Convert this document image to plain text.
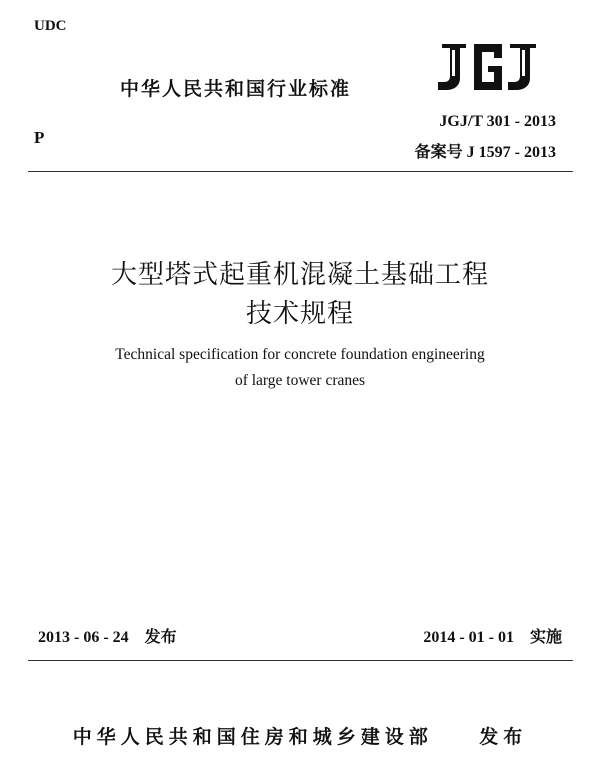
UDC
中华人民共和国行业标准
P
JGJ/T 301 - 2013
备案号 J 1597 - 2013
大型塔式起重机混凝土基础工程
技术规程
Technical specification for concrete foundation engineering
of large tower cranes
2013 - 06 - 24 发布	2014 - 01 - 01 实施
中华人民共和国住房和城乡建设部 发布
